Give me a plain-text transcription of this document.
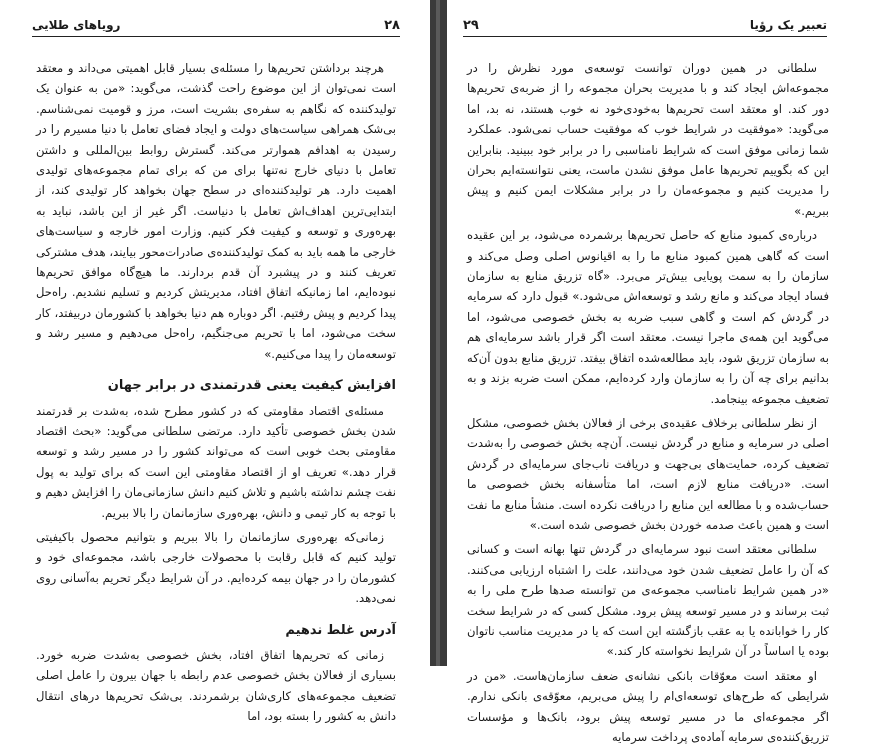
۲۸
رویاهای طلایی

هرچند برداشتن تحریم‌ها را مسئله‌ی بسیار قابل اهمیتی می‌داند و معتقد است نمی‌توان از این موضوع راحت گذشت، می‌گوید: «من به عنوان یک تولیدکننده که نگاهم به سفره‌ی بشریت است، مرز و قومیت نمی‌شناسم. بی‌شک همراهی سیاست‌های دولت و ایجاد فضای تعامل با دنیا مسیرم را در رسیدن به اهدافم هموارتر می‌کند. گسترش روابط بین‌المللی و داشتن تعامل با دنیای خارج نه‌تنها برای من که برای تمام مجموعه‌های تولیدی اهمیت دارد. هر تولیدکننده‌ای در سطح جهان بخواهد کار تولیدی کند، از ابتدایی‌ترین اهداف‌اش تعامل با دنیاست. اگر غیر از این باشد، نباید به بهره‌وری و توسعه و کیفیت فکر کنیم. وزارت امور خارجه و سیاست‌های خارجی ما همه باید به کمک تولیدکننده‌ی صادرات‌محور بیایند، هدف مشترکی تعریف کنند و در پیشبرد آن قدم بردارند. ما هیچ‌گاه موافق تحریم‌ها نبوده‌ایم، اما زمانیکه اتفاق افتاد، مدیریتش کردیم و تسلیم نشدیم. راه‌حل پیدا کردیم و پیش رفتیم. اگر دوباره هم دنیا بخواهد با کشورمان دربیفتد، کار سخت می‌شود، اما با تحریم می‌جنگیم، راه‌حل می‌دهیم و مسیر رشد و توسعه‌مان را پیدا می‌کنیم.»

افزایش کیفیت یعنی قدرتمندی در برابر جهان

مسئله‌ی اقتصاد مقاومتی که در کشور مطرح شده، به‌شدت بر قدرتمند شدن بخش خصوصی تأکید دارد. مرتضی سلطانی می‌گوید: «بحث اقتصاد مقاومتی بحث خوبی است که می‌تواند کشور را در مسیر رشد و توسعه قرار دهد.» تعریف او از اقتصاد مقاومتی این است که برای تولید به پول نفت چشم نداشته باشیم و تلاش کنیم دانش سازمانی‌مان را افزایش دهیم و با توجه به کار تیمی و دانش، بهره‌وری سازمانمان را بالا ببریم.

زمانی‌که بهره‌وری سازمانمان را بالا ببریم و بتوانیم محصول باکیفیتی تولید کنیم که قابل رقابت با محصولات خارجی باشد، مجموعه‌ای خود و کشورمان را در جهان بیمه کرده‌ایم. در آن شرایط دیگر تحریم به‌آسانی روی نمی‌دهد.

آدرس غلط ندهیم

زمانی که تحریم‌ها اتفاق افتاد، بخش خصوصی به‌شدت ضربه خورد. بسیاری از فعالان بخش خصوصی عدم رابطه با جهان بیرون را عامل اصلی تضعیف مجموعه‌های کاری‌شان برشمردند. بی‌شک تحریم‌ها درهای انتقال دانش به کشور را بسته بود، اما

تعبیر یک رؤیا
۲۹

سلطانی در همین دوران توانست توسعه‌ی مورد نظرش را در مجموعه‌اش ایجاد کند و با مدیریت بحران مجموعه را از ضربه‌ی تحریم‌ها دور کند. او معتقد است تحریم‌ها به‌خودی‌خود نه خوب هستند، نه بد، اما می‌گوید: «موفقیت در شرایط خوب که موفقیت حساب نمی‌شود. عملکرد شما زمانی موفق است که شرایط نامناسبی را در برابر خود ببینید. بنابراین این که بگوییم تحریم‌ها عامل موفق نشدن ماست، یعنی نتوانسته‌ایم بحران را مدیریت کنیم و مجموعه‌مان را در برابر مشکلات ایمن کنیم و پیش ببریم.»

درباره‌ی کمبود منابع که حاصل تحریم‌ها برشمرده می‌شود، بر این عقیده است که گاهی همین کمبود منابع ما را به اقیانوس اصلی وصل می‌کند و سازمان را به سمت پویایی بیش‌تر می‌برد. «گاه تزریق منابع به سازمان فساد ایجاد می‌کند و مانع رشد و توسعه‌اش می‌شود.» قبول دارد که سرمایه در گردش کم است و گاهی سبب ضربه به بخش خصوصی می‌شود، اما می‌گوید این همه‌ی ماجرا نیست. معتقد است اگر قرار باشد سرمایه‌ای هم به سازمان تزریق شود، باید مطالعه‌شده اتفاق بیفتد. تزریق منابع بدون آن‌که بدانیم برای چه آن را به سازمان وارد کرده‌ایم، ممکن است ضربه بزند و به تضعیف مجموعه بینجامد.

از نظر سلطانی برخلاف عقیده‌ی برخی از فعالان بخش خصوصی، مشکل اصلی در سرمایه و منابع در گردش نیست. آن‌چه بخش خصوصی را به‌شدت تضعیف کرده، حمایت‌های بی‌جهت و دریافت ناب‌جای سرمایه‌ای در گردش است. «دریافت منابع لازم است، اما متأسفانه بخش خصوصی ما حساب‌شده و با مطالعه این منابع را دریافت نکرده است. منشأ منابع ما نفت است و همین باعث صدمه خوردن بخش خصوصی شده است.»

سلطانی معتقد است نبود سرمایه‌ای در گردش تنها بهانه است و کسانی که آن را عامل تضعیف شدن خود می‌دانند، علت را اشتباه ارزیابی می‌کنند. «در همین شرایط نامناسب مجموعه‌ی من توانسته صدها طرح ملی را به ثبت برساند و در مسیر توسعه پیش برود. مشکل کسی که در شرایط سخت کار را خوابانده یا به عقب بازگشته این است که یا در مدیریت مناسب ناتوان بوده یا اساساً در آن شرایط نخواسته کار کند.»

او معتقد است معوّقات بانکی نشانه‌ی ضعف سازمان‌هاست. «من در شرایطی که طرح‌های توسعه‌ای‌ام را پیش می‌بریم، معوّقه‌ی بانکی ندارم. اگر مجموعه‌ای ما در مسیر توسعه پیش برود، بانک‌ها و مؤسسات تزریق‌کننده‌ی سرمایه آماده‌ی پرداخت سرمایه
